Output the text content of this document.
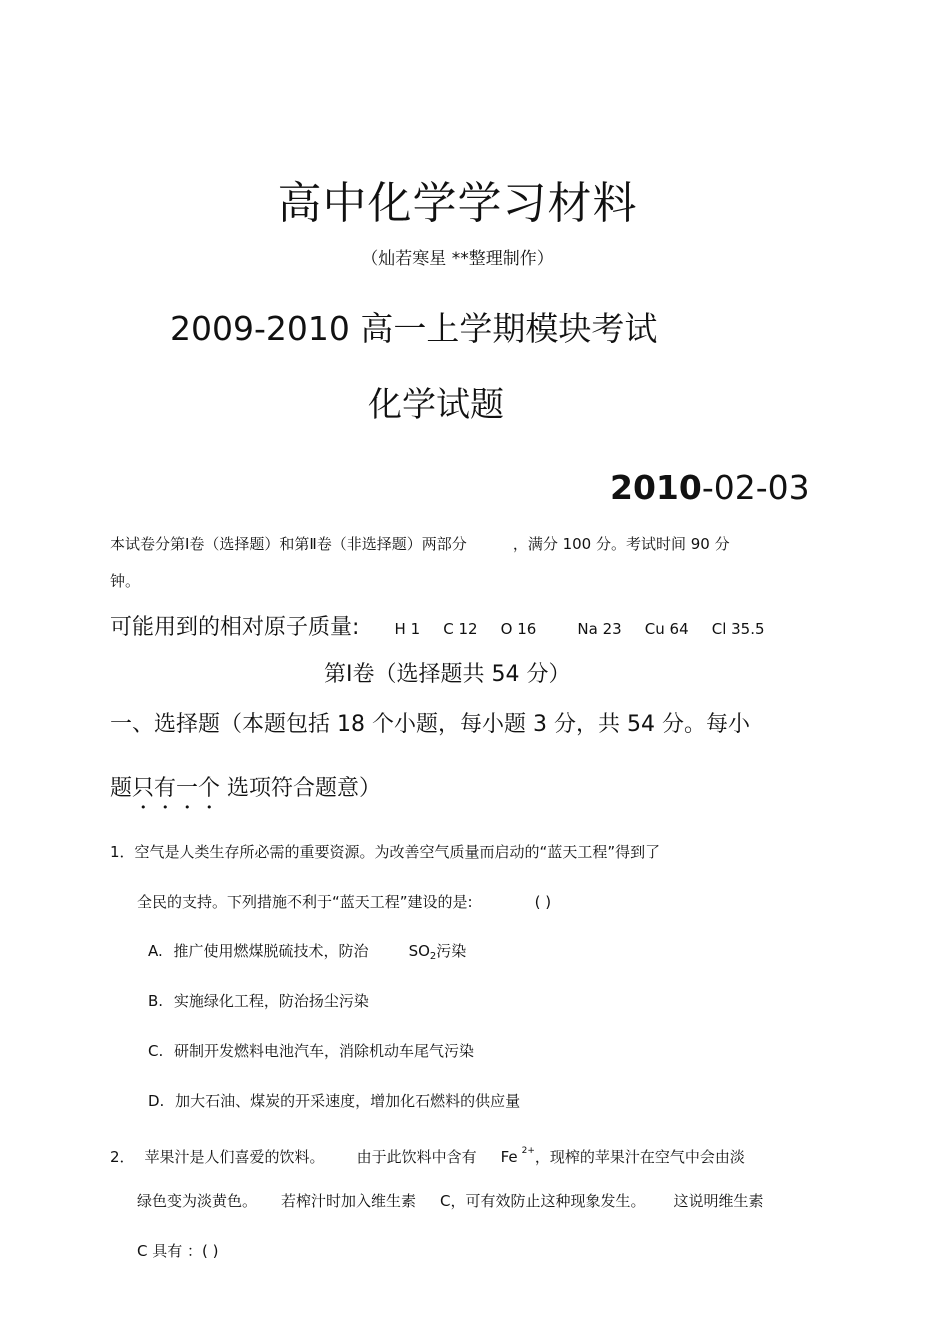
高中化学学习材料
（灿若寒星 **整理制作）
2009-2010 高一上学期模块考试
化学试题
2010-02-03
本试卷分第Ⅰ卷（选择题）和第Ⅱ卷（非选择题）两部分	，满分 100 分。考试时间 90 分
钟。
可能用到的相对原子质量: H 1 C 12 O 16	Na 23 Cu 64 Cl 35.5
第Ⅰ卷（选择题共 54 分）
一、选择题（本题包括 18 个小题，每小题 3 分，共 54 分。每小
题只有一个 选项符合题意）
1．空气是人类生存所必需的重要资源。为改善空气质量而启动的“蓝天工程”得到了
全民的支持。下列措施不利于“蓝天工程”建设的是:	( )
A. 推广使用燃煤脱硫技术，防治	$SO_2$污染
B. 实施绿化工程，防治扬尘污染
C. 研制开发燃料电池汽车，消除机动车尾气污染
D. 加大石油、煤炭的开采速度，增加化石燃料的供应量
2． 苹果汁是人们喜爱的饮料。 由于此饮料中含有 Fe $^{2+}$，现榨的苹果汁在空气中会由淡
绿色变为淡黄色。 若榨汁时加入维生素 C，可有效防止这种现象发生。 这说明维生素
C 具有 ：( )
